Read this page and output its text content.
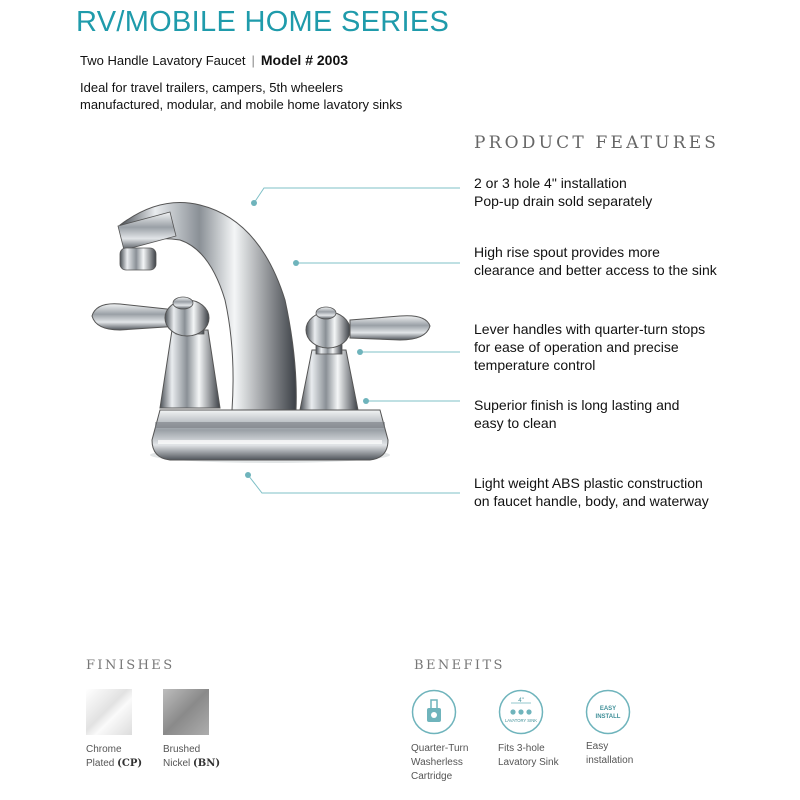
RV/MOBILE HOME SERIES
Two Handle Lavatory Faucet | Model # 2003
Ideal for travel trailers, campers, 5th wheelers
manufactured, modular, and mobile home lavatory sinks
PRODUCT FEATURES
2 or 3 hole 4" installation
Pop-up drain sold separately
High rise spout provides more
clearance and better access to the sink
Lever handles with quarter-turn stops
for ease of operation and precise
temperature control
Superior finish is long lasting and
easy to clean
Light weight ABS plastic construction
on faucet handle, body, and waterway
FINISHES
Chrome
Plated (CP)
Brushed
Nickel (BN)
BENEFITS
Quarter-Turn
Washerless
Cartridge
4"
LAVATORY SINK
Fits 3-hole
Lavatory Sink
EASY
INSTALL
Easy
installation
